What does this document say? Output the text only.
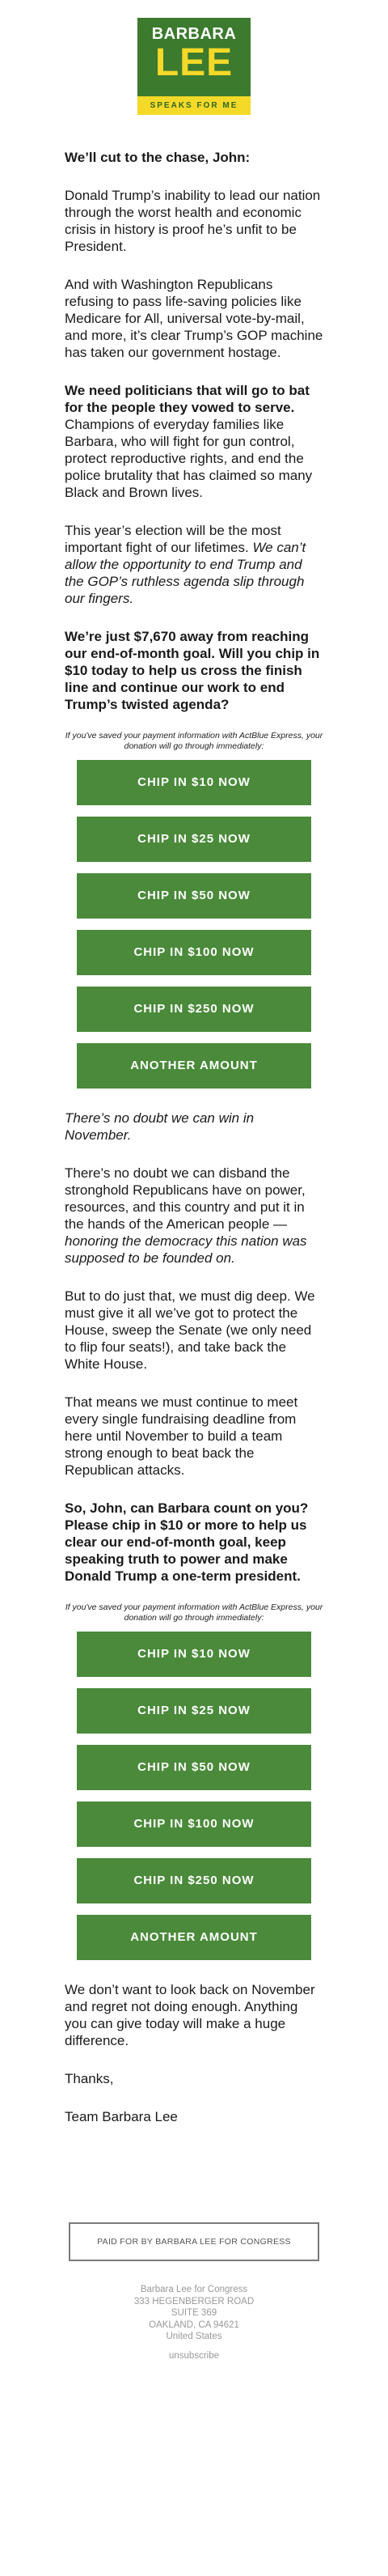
BARBARA
LEE
SPEAKS FOR ME

We’ll cut to the chase, John:

Donald Trump’s inability to lead our nation through the worst health and economic crisis in history is proof he’s unfit to be President.

And with Washington Republicans refusing to pass life-saving policies like Medicare for All, universal vote-by-mail, and more, it’s clear Trump’s GOP machine has taken our government hostage.

We need politicians that will go to bat for the people they vowed to serve. Champions of everyday families like Barbara, who will fight for gun control, protect reproductive rights, and end the police brutality that has claimed so many Black and Brown lives.

This year’s election will be the most important fight of our lifetimes. We can’t allow the opportunity to end Trump and the GOP’s ruthless agenda slip through our fingers.

We’re just $7,670 away from reaching our end-of-month goal. Will you chip in $10 today to help us cross the finish line and continue our work to end Trump’s twisted agenda?

If you've saved your payment information with ActBlue Express, your donation will go through immediately:
CHIP IN $10 NOW
CHIP IN $25 NOW
CHIP IN $50 NOW
CHIP IN $100 NOW
CHIP IN $250 NOW
ANOTHER AMOUNT

There’s no doubt we can win in November.

There’s no doubt we can disband the stronghold Republicans have on power, resources, and this country and put it in the hands of the American people — honoring the democracy this nation was supposed to be founded on.

But to do just that, we must dig deep. We must give it all we’ve got to protect the House, sweep the Senate (we only need to flip four seats!), and take back the White House.

That means we must continue to meet every single fundraising deadline from here until November to build a team strong enough to beat back the Republican attacks.

So, John, can Barbara count on you? Please chip in $10 or more to help us clear our end-of-month goal, keep speaking truth to power and make Donald Trump a one-term president.

If you've saved your payment information with ActBlue Express, your donation will go through immediately:
CHIP IN $10 NOW
CHIP IN $25 NOW
CHIP IN $50 NOW
CHIP IN $100 NOW
CHIP IN $250 NOW
ANOTHER AMOUNT

We don’t want to look back on November and regret not doing enough. Anything you can give today will make a huge difference.

Thanks,

Team Barbara Lee

PAID FOR BY BARBARA LEE FOR CONGRESS
Barbara Lee for Congress
333 HEGENBERGER ROAD
SUITE 369
OAKLAND, CA 94621
United States
unsubscribe
